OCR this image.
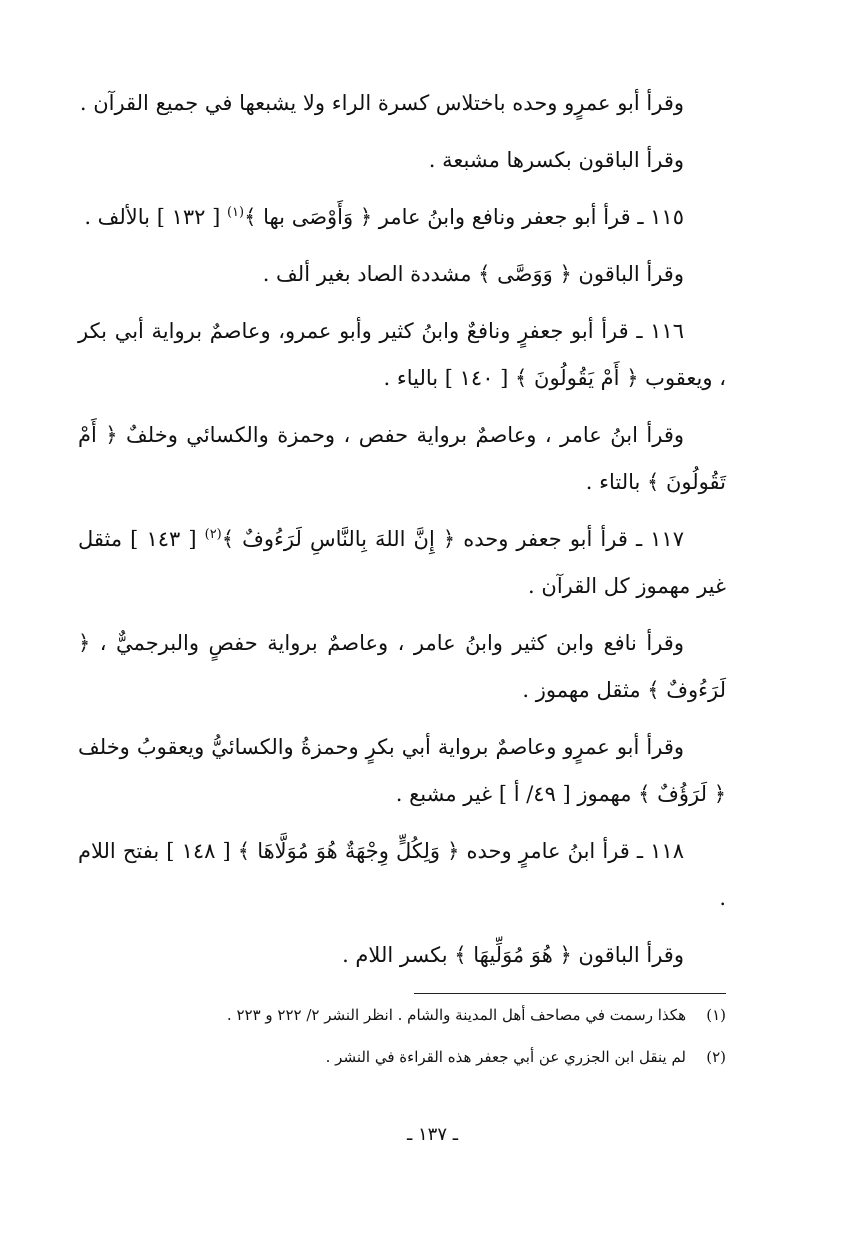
وقرأ أبو عمرٍو وحده باختلاس كسرة الراء ولا يشبعها في جميع القرآن .

وقرأ الباقون بكسرها مشبعة .

١١٥ ـ قرأ أبو جعفر ونافع وابنُ عامر ﴿ وَأَوْصَى بها ﴾$^{(١)}$ [ ١٣٢ ] بالألف .

وقرأ الباقون ﴿ وَوَصَّى ﴾ مشددة الصاد بغير ألف .

١١٦ ـ قرأ أبو جعفرٍ ونافعٌ وابنُ كثير وأبو عمرو، وعاصمٌ برواية أبي بكر ، ويعقوب ﴿ أَمْ يَقُولُونَ ﴾ [ ١٤٠ ] بالياء .

وقرأ ابنُ عامر ، وعاصمٌ برواية حفص ، وحمزة والكسائي وخلفٌ ﴿ أَمْ تَقُولُونَ ﴾ بالتاء .

١١٧ ـ قرأ أبو جعفر وحده ﴿ إِنَّ اللهَ بِالنَّاسِ لَرَءُوفٌ ﴾$^{(٢)}$ [ ١٤٣ ] مثقل غير مهموز كل القرآن .

وقرأ نافع وابن كثير وابنُ عامر ، وعاصمٌ برواية حفصٍ والبرجميٌّ ، ﴿ لَرَءُوفٌ ﴾ مثقل مهموز .

وقرأ أبو عمرٍو وعاصمٌ برواية أبي بكرٍ وحمزةُ والكسائيُّ ويعقوبُ وخلف ﴿ لَرَؤُفٌ ﴾ مهموز [ ٤٩/ أ ] غير مشبع .

١١٨ ـ قرأ ابنُ عامرٍ وحده ﴿ وَلِكُلٍّ وِجْهَةٌ هُوَ مُوَلَّاهَا ﴾ [ ١٤٨ ] بفتح اللام .

وقرأ الباقون ﴿ هُوَ مُوَلِّيهَا ﴾ بكسر اللام .

(١)هكذا رسمت في مصاحف أهل المدينة والشام . انظر النشر ٢/ ٢٢٢ و ٢٢٣ .

(٢)لم ينقل ابن الجزري عن أبي جعفر هذه القراءة في النشر .

ـ ١٣٧ ـ
